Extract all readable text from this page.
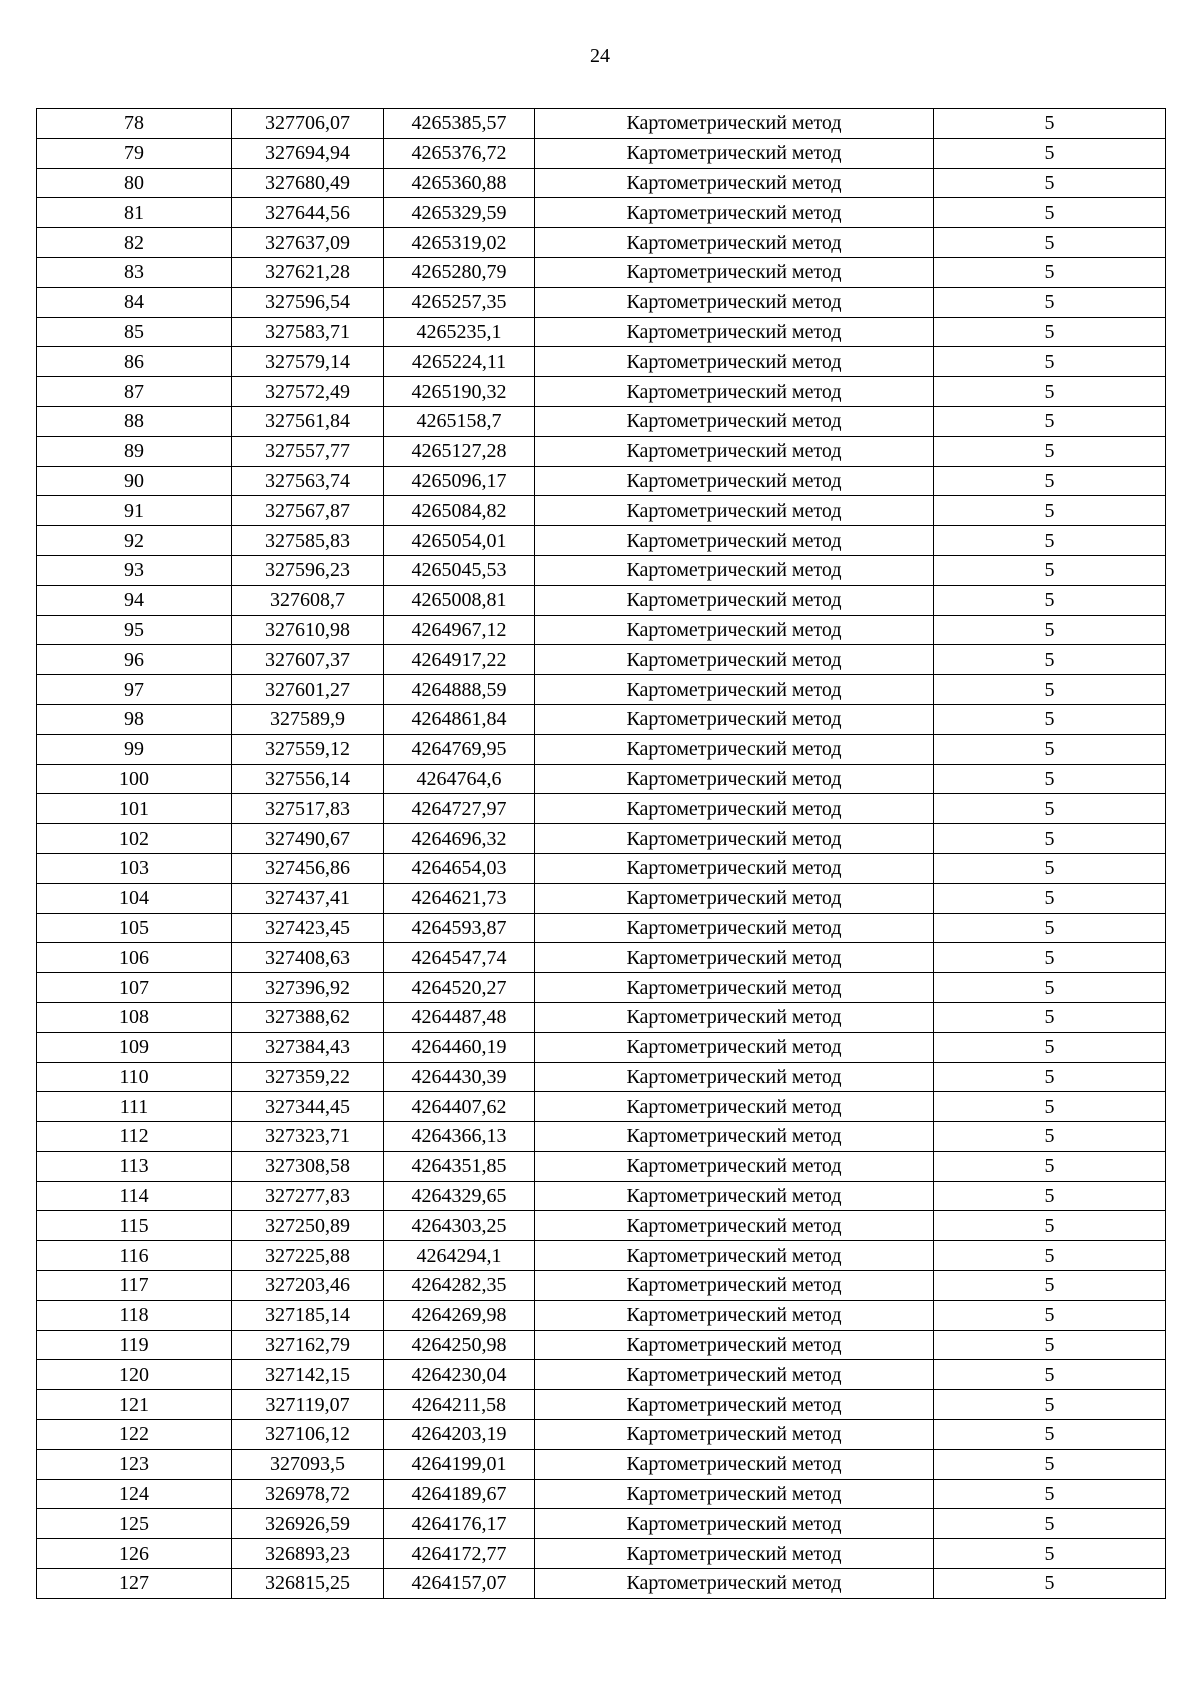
24
78	327706,07	4265385,57	Картометрический метод	5
79	327694,94	4265376,72	Картометрический метод	5
80	327680,49	4265360,88	Картометрический метод	5
81	327644,56	4265329,59	Картометрический метод	5
82	327637,09	4265319,02	Картометрический метод	5
83	327621,28	4265280,79	Картометрический метод	5
84	327596,54	4265257,35	Картометрический метод	5
85	327583,71	4265235,1	Картометрический метод	5
86	327579,14	4265224,11	Картометрический метод	5
87	327572,49	4265190,32	Картометрический метод	5
88	327561,84	4265158,7	Картометрический метод	5
89	327557,77	4265127,28	Картометрический метод	5
90	327563,74	4265096,17	Картометрический метод	5
91	327567,87	4265084,82	Картометрический метод	5
92	327585,83	4265054,01	Картометрический метод	5
93	327596,23	4265045,53	Картометрический метод	5
94	327608,7	4265008,81	Картометрический метод	5
95	327610,98	4264967,12	Картометрический метод	5
96	327607,37	4264917,22	Картометрический метод	5
97	327601,27	4264888,59	Картометрический метод	5
98	327589,9	4264861,84	Картометрический метод	5
99	327559,12	4264769,95	Картометрический метод	5
100	327556,14	4264764,6	Картометрический метод	5
101	327517,83	4264727,97	Картометрический метод	5
102	327490,67	4264696,32	Картометрический метод	5
103	327456,86	4264654,03	Картометрический метод	5
104	327437,41	4264621,73	Картометрический метод	5
105	327423,45	4264593,87	Картометрический метод	5
106	327408,63	4264547,74	Картометрический метод	5
107	327396,92	4264520,27	Картометрический метод	5
108	327388,62	4264487,48	Картометрический метод	5
109	327384,43	4264460,19	Картометрический метод	5
110	327359,22	4264430,39	Картометрический метод	5
111	327344,45	4264407,62	Картометрический метод	5
112	327323,71	4264366,13	Картометрический метод	5
113	327308,58	4264351,85	Картометрический метод	5
114	327277,83	4264329,65	Картометрический метод	5
115	327250,89	4264303,25	Картометрический метод	5
116	327225,88	4264294,1	Картометрический метод	5
117	327203,46	4264282,35	Картометрический метод	5
118	327185,14	4264269,98	Картометрический метод	5
119	327162,79	4264250,98	Картометрический метод	5
120	327142,15	4264230,04	Картометрический метод	5
121	327119,07	4264211,58	Картометрический метод	5
122	327106,12	4264203,19	Картометрический метод	5
123	327093,5	4264199,01	Картометрический метод	5
124	326978,72	4264189,67	Картометрический метод	5
125	326926,59	4264176,17	Картометрический метод	5
126	326893,23	4264172,77	Картометрический метод	5
127	326815,25	4264157,07	Картометрический метод	5
